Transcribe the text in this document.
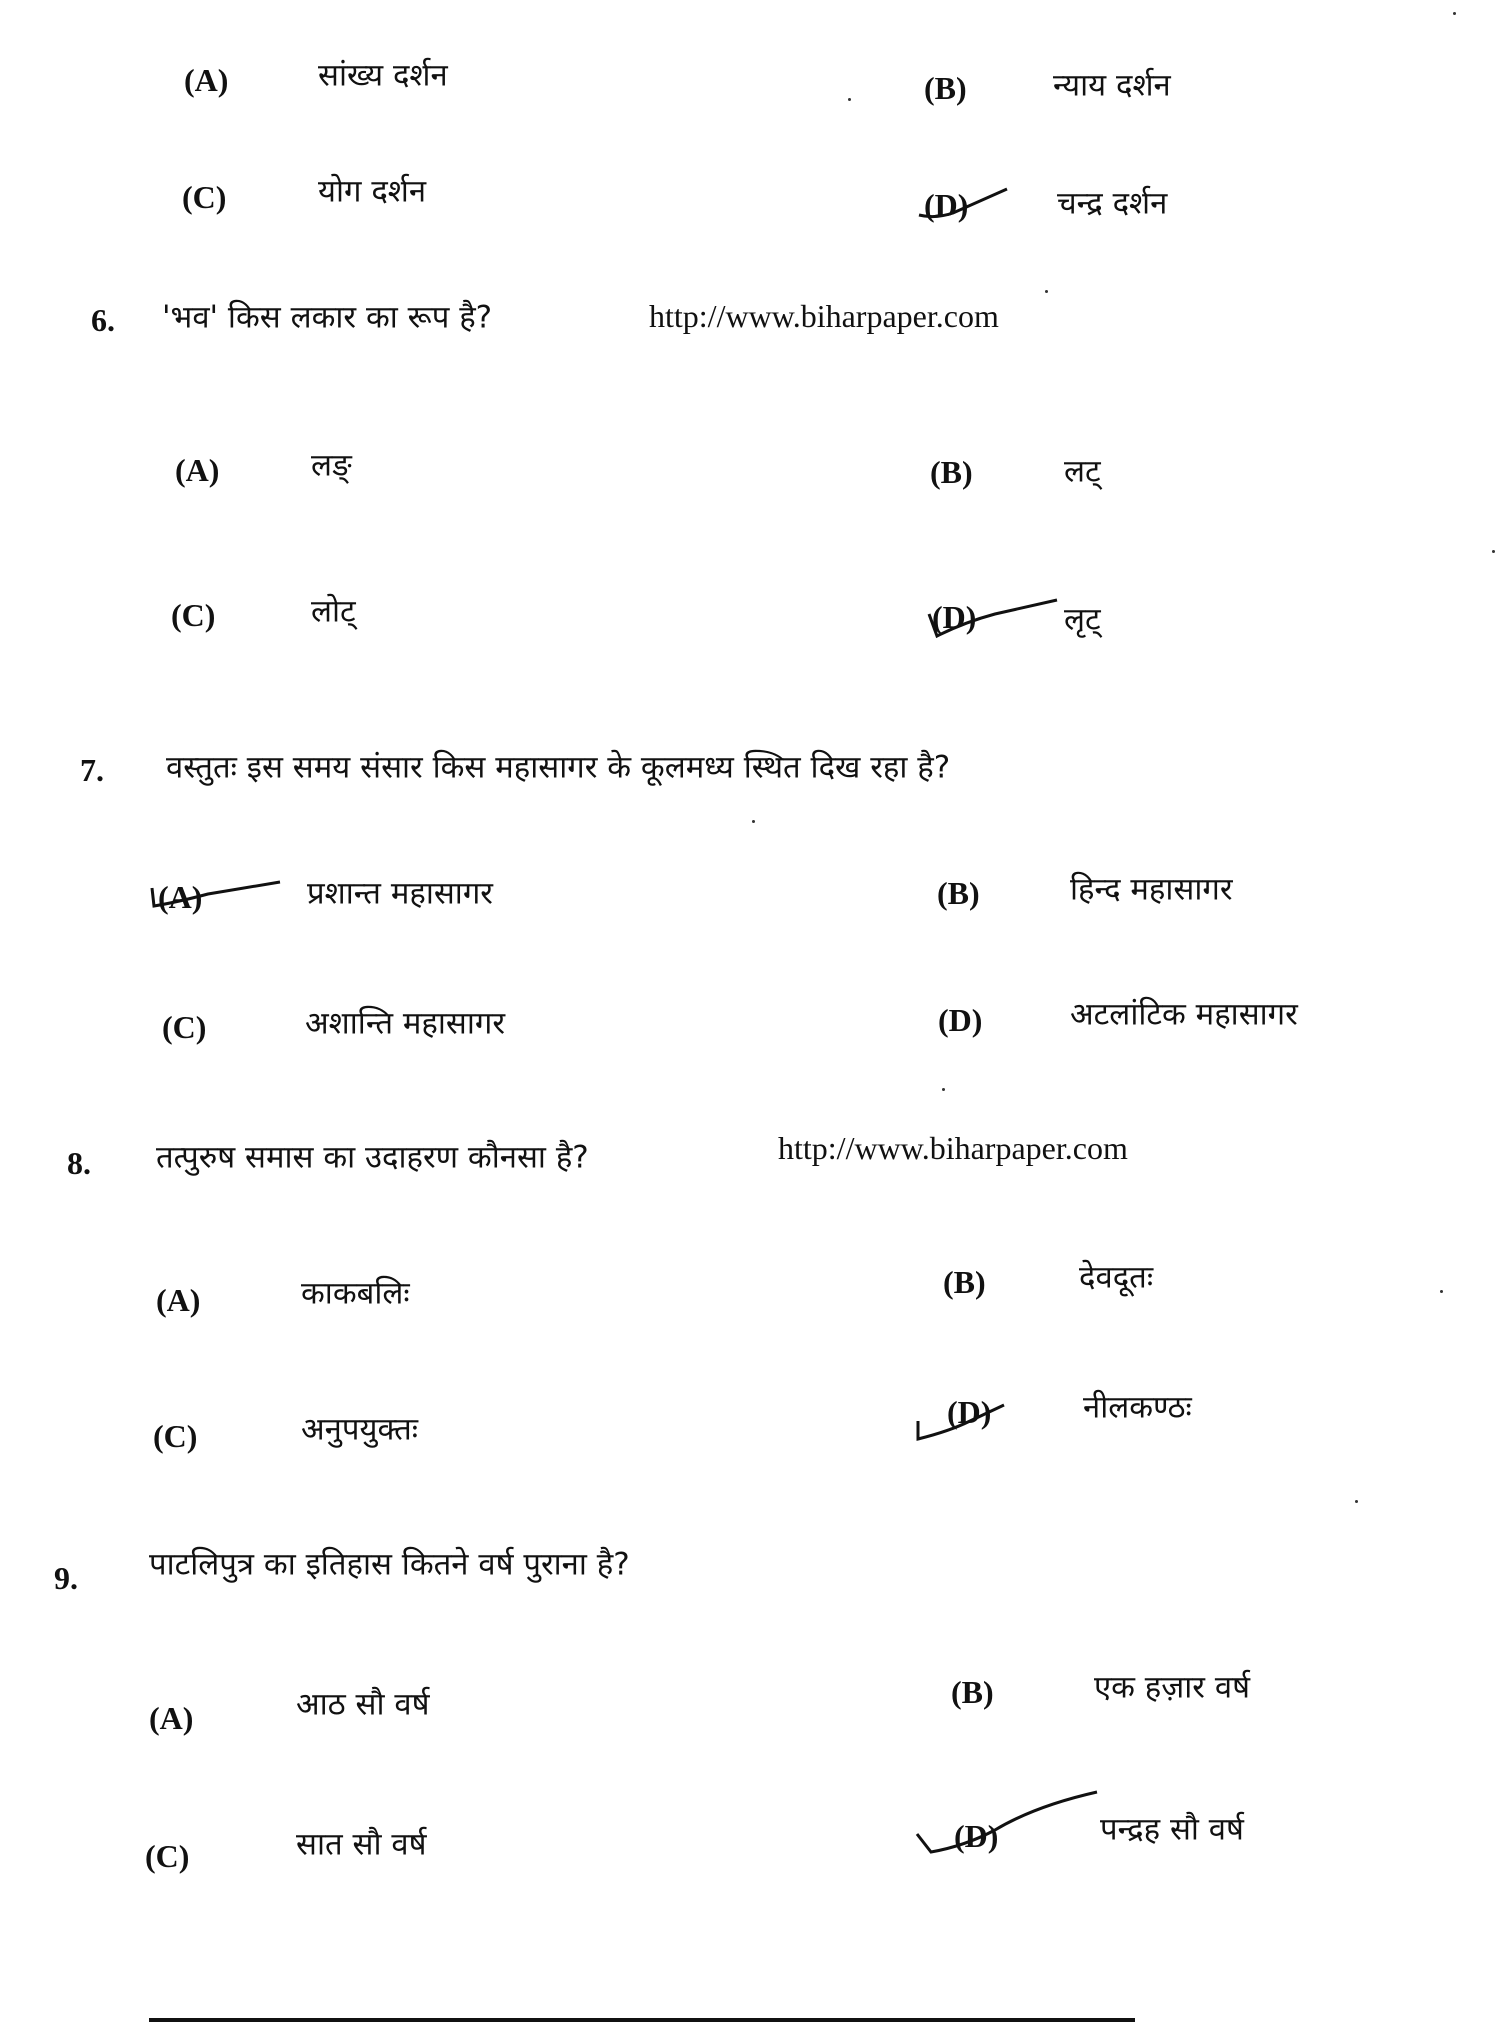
(A)	सांख्य दर्शन	(B)	न्याय दर्शन
(C)	योग दर्शन	(D)	चन्द्र दर्शन
6. 'भव' किस लकार का रूप है?	http://www.biharpaper.com
(A)	लङ्	(B)	लट्
(C)	लोट्	(D)	लृट्
7. वस्तुतः इस समय संसार किस महासागर के कूलमध्य स्थित दिख रहा है?
(A)	प्रशान्त महासागर	(B)	हिन्द महासागर
(C)	अशान्ति महासागर	(D)	अटलांटिक महासागर
8. तत्पुरुष समास का उदाहरण कौनसा है?	http://www.biharpaper.com
(A)	काकबलिः	(B)	देवदूतः
(C)	अनुपयुक्तः	(D)	नीलकण्ठः
9. पाटलिपुत्र का इतिहास कितने वर्ष पुराना है?
(A)	आठ सौ वर्ष	(B)	एक हज़ार वर्ष
(C)	सात सौ वर्ष	(D)	पन्द्रह सौ वर्ष
